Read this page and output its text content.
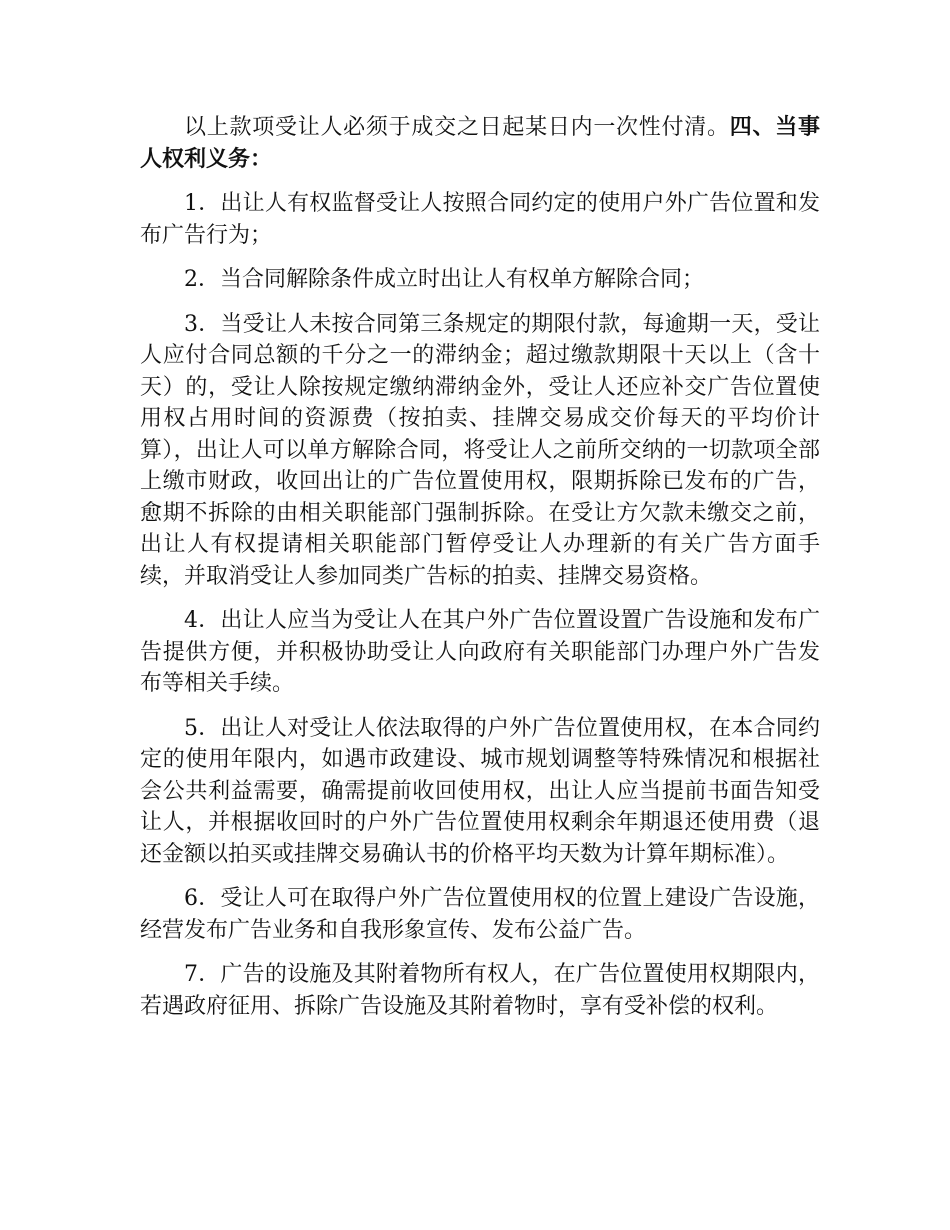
以上款项受让人必须于成交之日起某日内一次性付清。四、当事人权利义务：

1．出让人有权监督受让人按照合同约定的使用户外广告位置和发布广告行为；

2．当合同解除条件成立时出让人有权单方解除合同；

3．当受让人未按合同第三条规定的期限付款，每逾期一天，受让人应付合同总额的千分之一的滞纳金；超过缴款期限十天以上（含十天）的，受让人除按规定缴纳滞纳金外，受让人还应补交广告位置使用权占用时间的资源费（按拍卖、挂牌交易成交价每天的平均价计算），出让人可以单方解除合同，将受让人之前所交纳的一切款项全部上缴市财政，收回出让的广告位置使用权，限期拆除已发布的广告，愈期不拆除的由相关职能部门强制拆除。在受让方欠款未缴交之前，出让人有权提请相关职能部门暂停受让人办理新的有关广告方面手续，并取消受让人参加同类广告标的拍卖、挂牌交易资格。

4．出让人应当为受让人在其户外广告位置设置广告设施和发布广告提供方便，并积极协助受让人向政府有关职能部门办理户外广告发布等相关手续。

5．出让人对受让人依法取得的户外广告位置使用权，在本合同约定的使用年限内，如遇市政建设、城市规划调整等特殊情况和根据社会公共利益需要，确需提前收回使用权，出让人应当提前书面告知受让人，并根据收回时的户外广告位置使用权剩余年期退还使用费（退还金额以拍买或挂牌交易确认书的价格平均天数为计算年期标准）。

6．受让人可在取得户外广告位置使用权的位置上建设广告设施，经营发布广告业务和自我形象宣传、发布公益广告。

7．广告的设施及其附着物所有权人，在广告位置使用权期限内，若遇政府征用、拆除广告设施及其附着物时，享有受补偿的权利。
